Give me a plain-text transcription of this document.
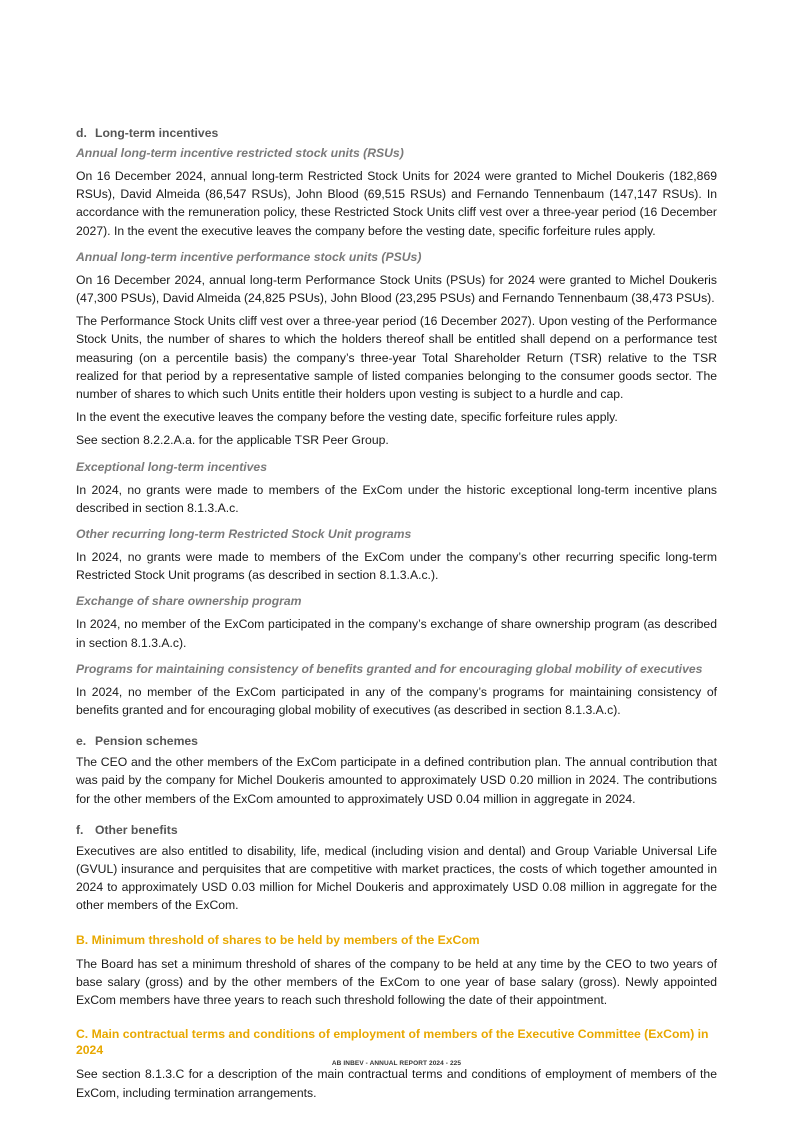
d. Long-term incentives
Annual long-term incentive restricted stock units (RSUs)

On 16 December 2024, annual long-term Restricted Stock Units for 2024 were granted to Michel Doukeris (182,869 RSUs), David Almeida (86,547 RSUs), John Blood (69,515 RSUs) and Fernando Tennenbaum (147,147 RSUs). In accordance with the remuneration policy, these Restricted Stock Units cliff vest over a three-year period (16 December 2027). In the event the executive leaves the company before the vesting date, specific forfeiture rules apply.

Annual long-term incentive performance stock units (PSUs)

On 16 December 2024, annual long-term Performance Stock Units (PSUs) for 2024 were granted to Michel Doukeris (47,300 PSUs), David Almeida (24,825 PSUs), John Blood (23,295 PSUs) and Fernando Tennenbaum (38,473 PSUs).

The Performance Stock Units cliff vest over a three-year period (16 December 2027). Upon vesting of the Performance Stock Units, the number of shares to which the holders thereof shall be entitled shall depend on a performance test measuring (on a percentile basis) the company’s three-year Total Shareholder Return (TSR) relative to the TSR realized for that period by a representative sample of listed companies belonging to the consumer goods sector. The number of shares to which such Units entitle their holders upon vesting is subject to a hurdle and cap.

In the event the executive leaves the company before the vesting date, specific forfeiture rules apply.

See section 8.2.2.A.a. for the applicable TSR Peer Group.

Exceptional long-term incentives

In 2024, no grants were made to members of the ExCom under the historic exceptional long-term incentive plans described in section 8.1.3.A.c.

Other recurring long-term Restricted Stock Unit programs

In 2024, no grants were made to members of the ExCom under the company’s other recurring specific long-term Restricted Stock Unit programs (as described in section 8.1.3.A.c.).

Exchange of share ownership program

In 2024, no member of the ExCom participated in the company’s exchange of share ownership program (as described in section 8.1.3.A.c).

Programs for maintaining consistency of benefits granted and for encouraging global mobility of executives

In 2024, no member of the ExCom participated in any of the company’s programs for maintaining consistency of benefits granted and for encouraging global mobility of executives (as described in section 8.1.3.A.c).

e. Pension schemes

The CEO and the other members of the ExCom participate in a defined contribution plan. The annual contribution that was paid by the company for Michel Doukeris amounted to approximately USD 0.20 million in 2024. The contributions for the other members of the ExCom amounted to approximately USD 0.04 million in aggregate in 2024.

f. Other benefits

Executives are also entitled to disability, life, medical (including vision and dental) and Group Variable Universal Life (GVUL) insurance and perquisites that are competitive with market practices, the costs of which together amounted in 2024 to approximately USD 0.03 million for Michel Doukeris and approximately USD 0.08 million in aggregate for the other members of the ExCom.

B. Minimum threshold of shares to be held by members of the ExCom

The Board has set a minimum threshold of shares of the company to be held at any time by the CEO to two years of base salary (gross) and by the other members of the ExCom to one year of base salary (gross). Newly appointed ExCom members have three years to reach such threshold following the date of their appointment.

C. Main contractual terms and conditions of employment of members of the Executive Committee (ExCom) in 2024

See section 8.1.3.C for a description of the main contractual terms and conditions of employment of members of the ExCom, including termination arrangements.

AB INBEV - ANNUAL REPORT 2024 - 225
